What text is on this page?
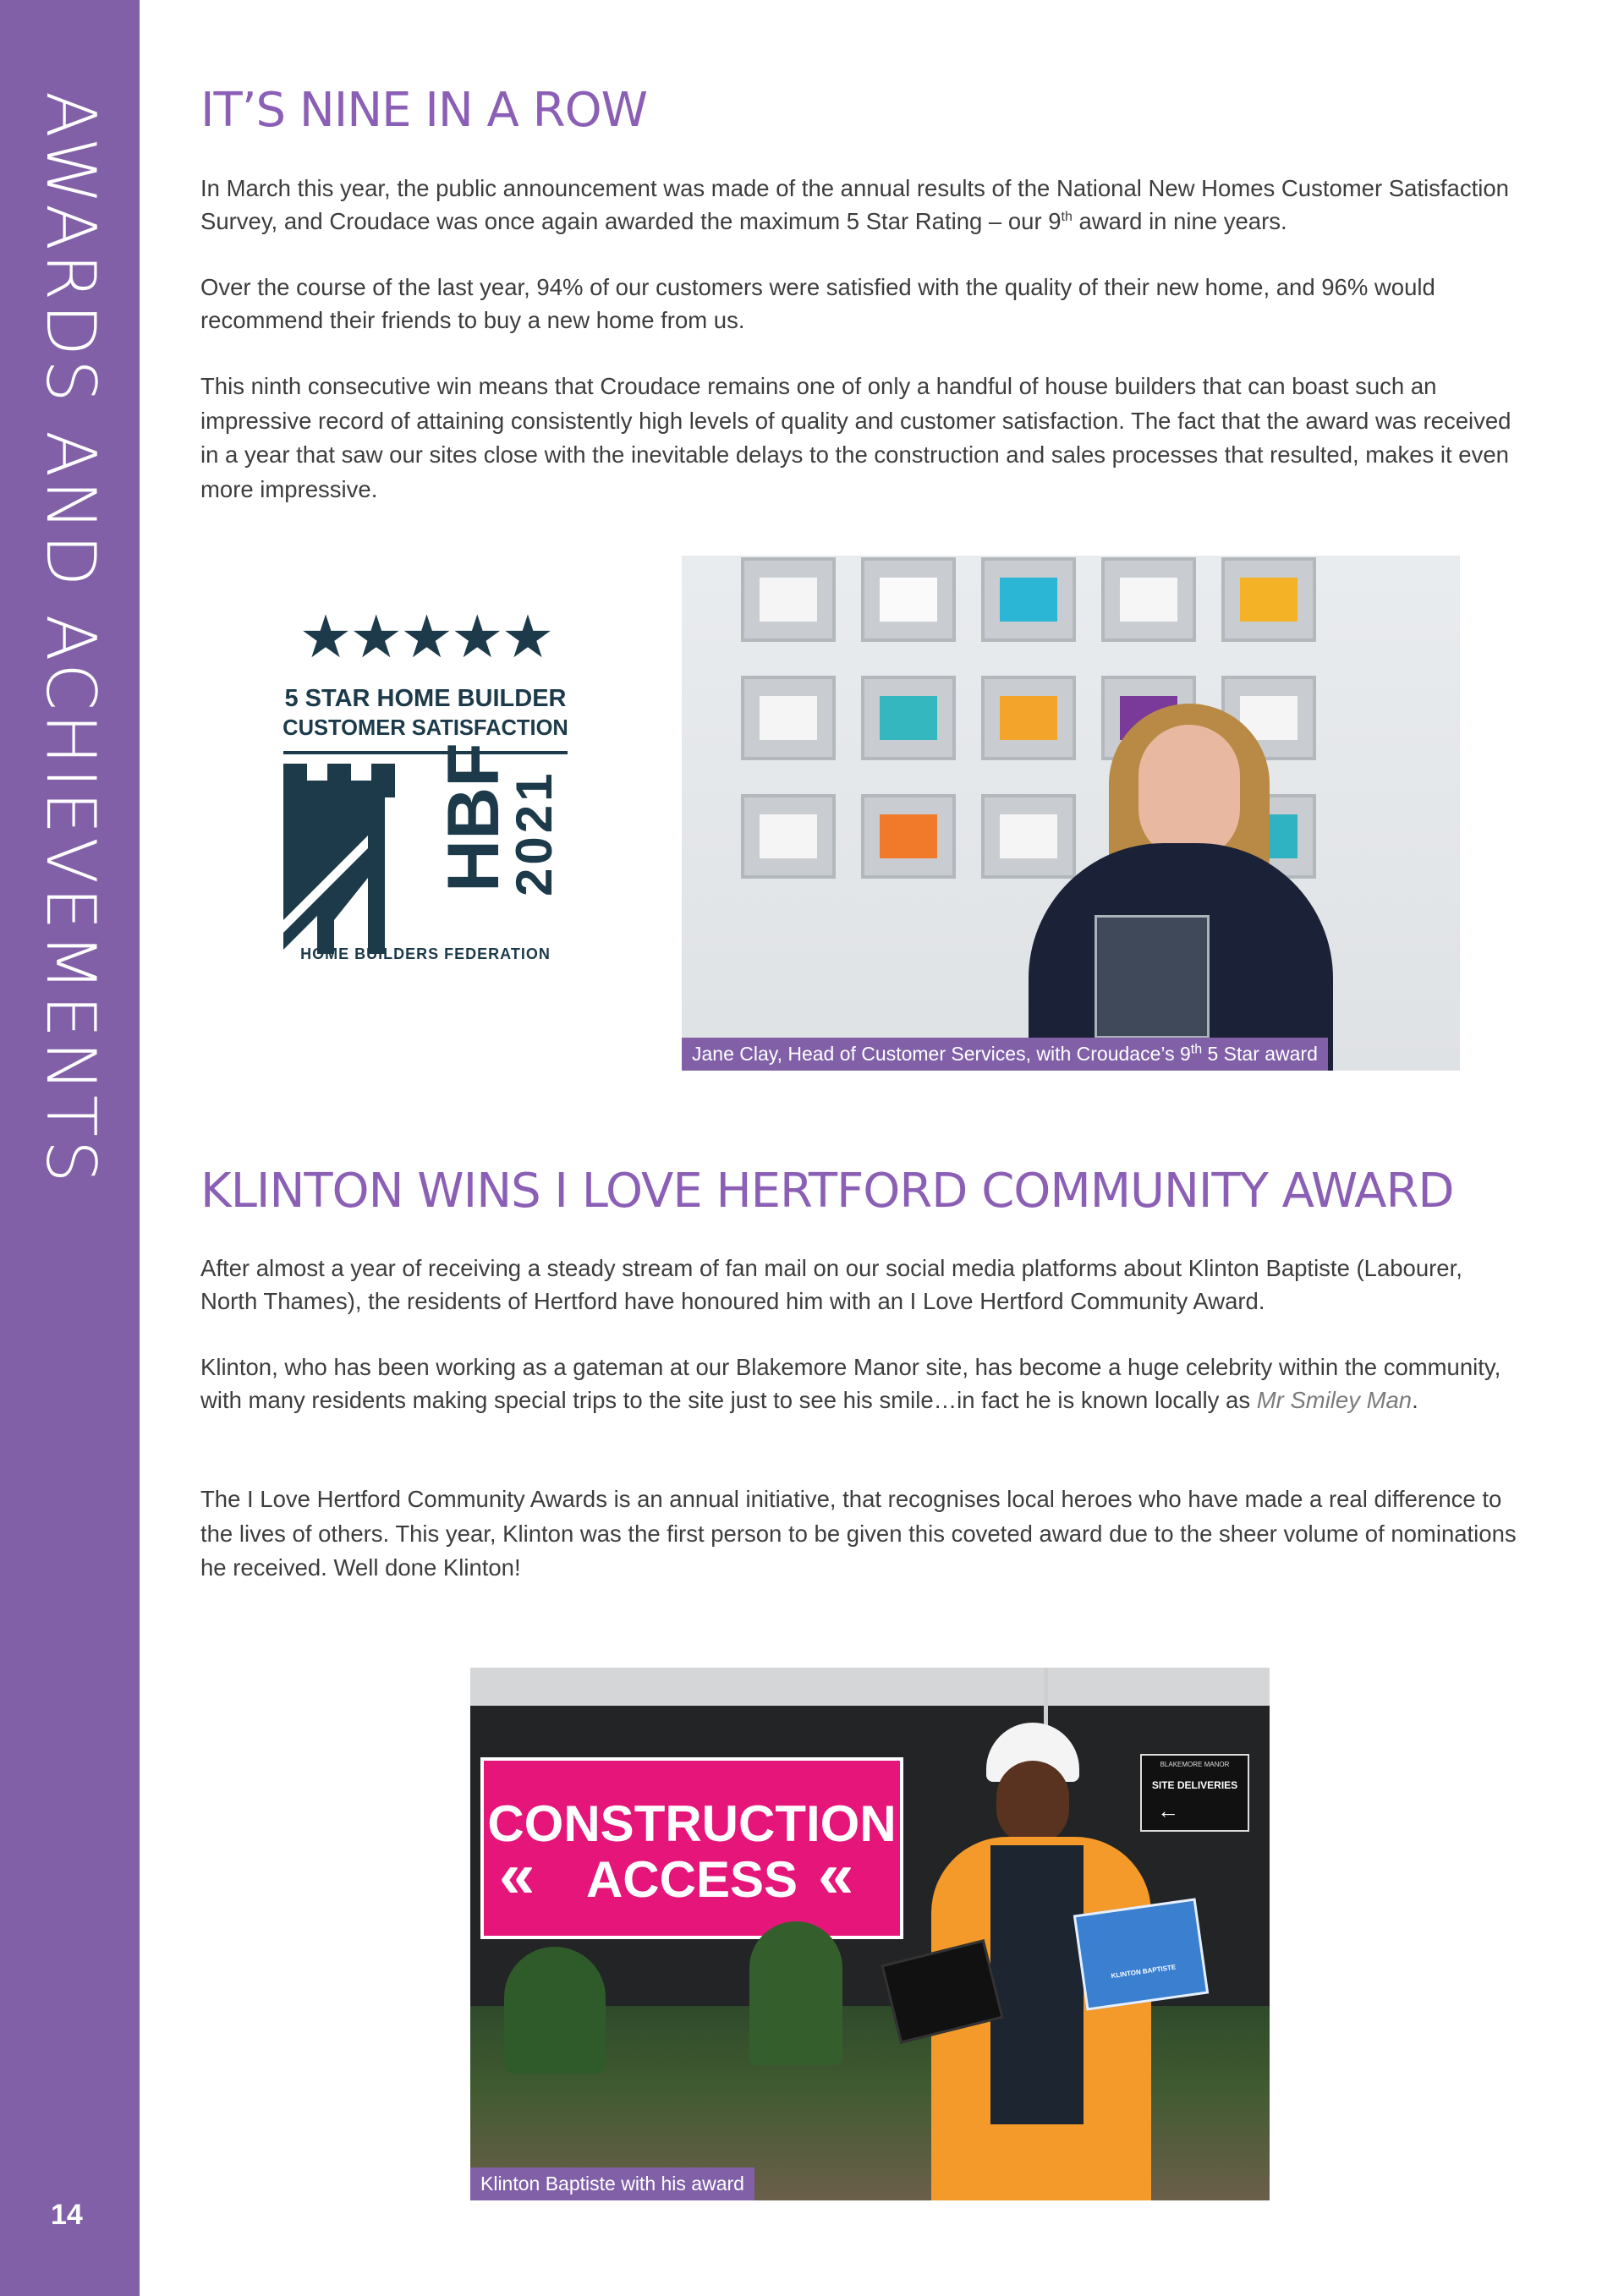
AWARDS AND ACHIEVEMENTS
14
IT’S NINE IN A ROW

In March this year, the public announcement was made of the annual results of the National New Homes Customer Satisfaction Survey, and Croudace was once again awarded the maximum 5 Star Rating – our 9th award in nine years.

Over the course of the last year, 94% of our customers were satisfied with the quality of their new home, and 96% would recommend their friends to buy a new home from us.

This ninth consecutive win means that Croudace remains one of only a handful of house builders that can boast such an impressive record of attaining consistently high levels of quality and customer satisfaction. The fact that the award was received in a year that saw our sites close with the inevitable delays to the construction and sales processes that resulted, makes it even more impressive.

★★★★★
5 STAR HOME BUILDER
CUSTOMER SATISFACTION
HBF
2021
HOME BUILDERS FEDERATION
Jane Clay, Head of Customer Services, with Croudace’s 9th 5 Star award
KLINTON WINS I LOVE HERTFORD COMMUNITY AWARD

After almost a year of receiving a steady stream of fan mail on our social media platforms about Klinton Baptiste (Labourer, North Thames), the residents of Hertford have honoured him with an I Love Hertford Community Award.

Klinton, who has been working as a gateman at our Blakemore Manor site, has become a huge celebrity within the community, with many residents making special trips to the site just to see his smile…in fact he is known locally as Mr Smiley Man.

The I Love Hertford Community Awards is an annual initiative, that recognises local heroes who have made a real difference to the lives of others. This year, Klinton was the first person to be given this coveted award due to the sheer volume of nominations he received. Well done Klinton!

CONSTRUCTION
«	ACCESS «
BLAKEMORE MANOR
SITE DELIVERIES
←
KLINTON BAPTISTE
Klinton Baptiste with his award
